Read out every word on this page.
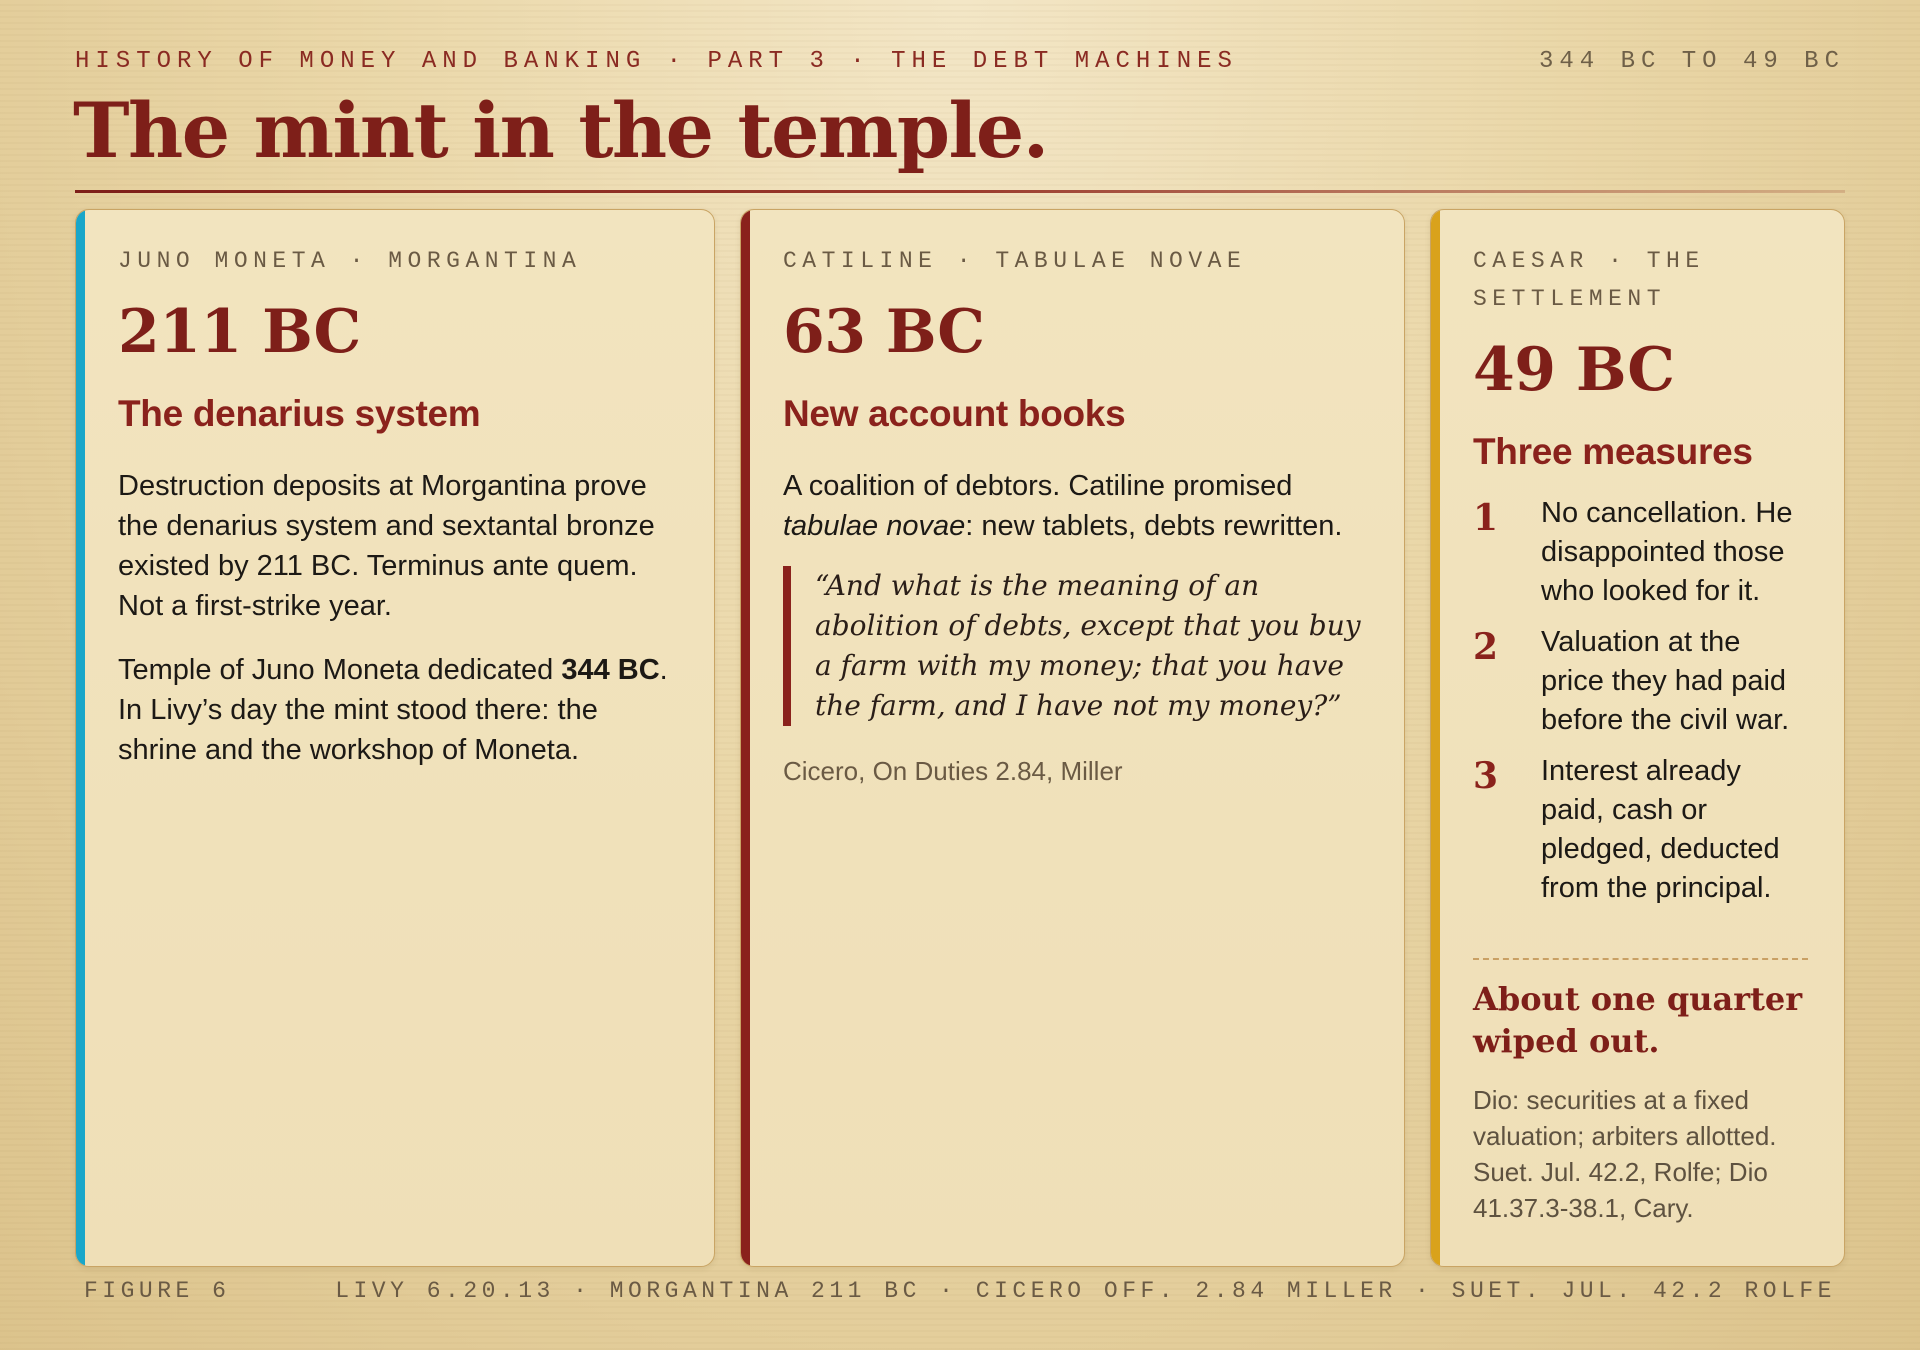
HISTORY OF MONEY AND BANKING · PART 3 · THE DEBT MACHINES	344 BC TO 49 BC
The mint in the temple.
JUNO MONETA · MORGANTINA
211 BC
The denarius system
Destruction deposits at Morgantina prove the denarius system and sextantal bronze existed by 211 BC. Terminus ante quem. Not a first-strike year.
Temple of Juno Moneta dedicated 344 BC. In Livy’s day the mint stood there: the shrine and the workshop of Moneta.
CATILINE · TABULAE NOVAE
63 BC
New account books
A coalition of debtors. Catiline promised tabulae novae: new tablets, debts rewritten.
“And what is the meaning of an abolition of debts, except that you buy a farm with my money; that you have the farm, and I have not my money?”
Cicero, On Duties 2.84, Miller
CAESAR · THE SETTLEMENT
49 BC
Three measures
1	No cancellation. He disappointed those who looked for it.
2	Valuation at the price they had paid before the civil war.
3	Interest already paid, cash or pledged, deducted from the principal.
About one quarter wiped out.
Dio: securities at a fixed valuation; arbiters allotted. Suet. Jul. 42.2, Rolfe; Dio 41.37.3-38.1, Cary.
FIGURE 6	LIVY 6.20.13 · MORGANTINA 211 BC · CICERO OFF. 2.84 MILLER · SUET. JUL. 42.2 ROLFE
